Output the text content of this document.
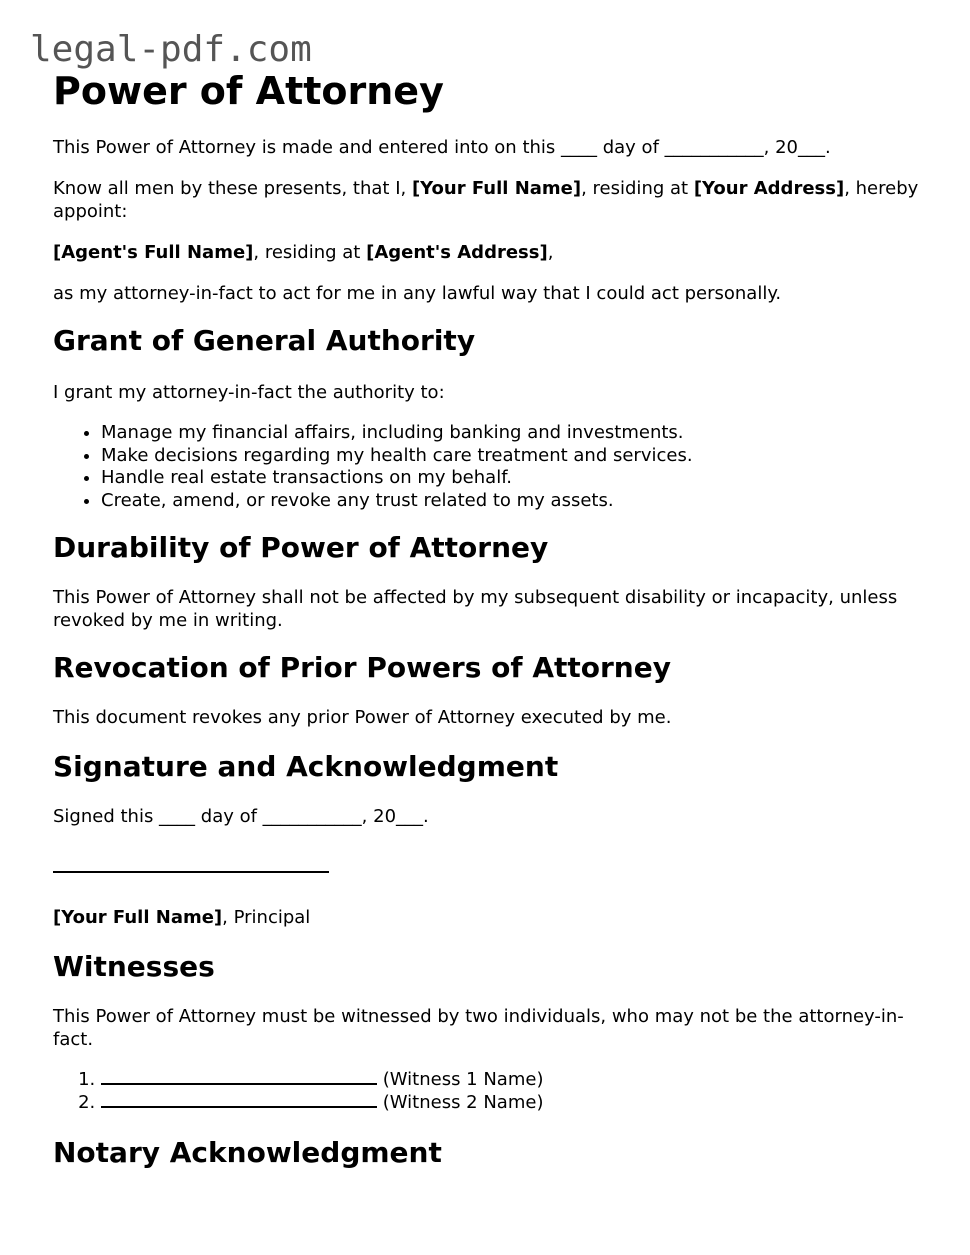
legal-pdf.com
Power of Attorney

This Power of Attorney is made and entered into on this ____ day of ___________, 20___.

Know all men by these presents, that I, [Your Full Name], residing at [Your Address], hereby appoint:

[Agent's Full Name], residing at [Agent's Address],

as my attorney-in-fact to act for me in any lawful way that I could act personally.

Grant of General Authority

I grant my attorney-in-fact the authority to:

• Manage my financial affairs, including banking and investments.
• Make decisions regarding my health care treatment and services.
• Handle real estate transactions on my behalf.
• Create, amend, or revoke any trust related to my assets.
Durability of Power of Attorney

This Power of Attorney shall not be affected by my subsequent disability or incapacity, unless revoked by me in writing.

Revocation of Prior Powers of Attorney

This document revokes any prior Power of Attorney executed by me.

Signature and Acknowledgment

Signed this ____ day of ___________, 20___.

[Your Full Name], Principal

Witnesses

This Power of Attorney must be witnessed by two individuals, who may not be the attorney-in-fact.

1. (Witness 1 Name)
2. (Witness 2 Name)
Notary Acknowledgment
